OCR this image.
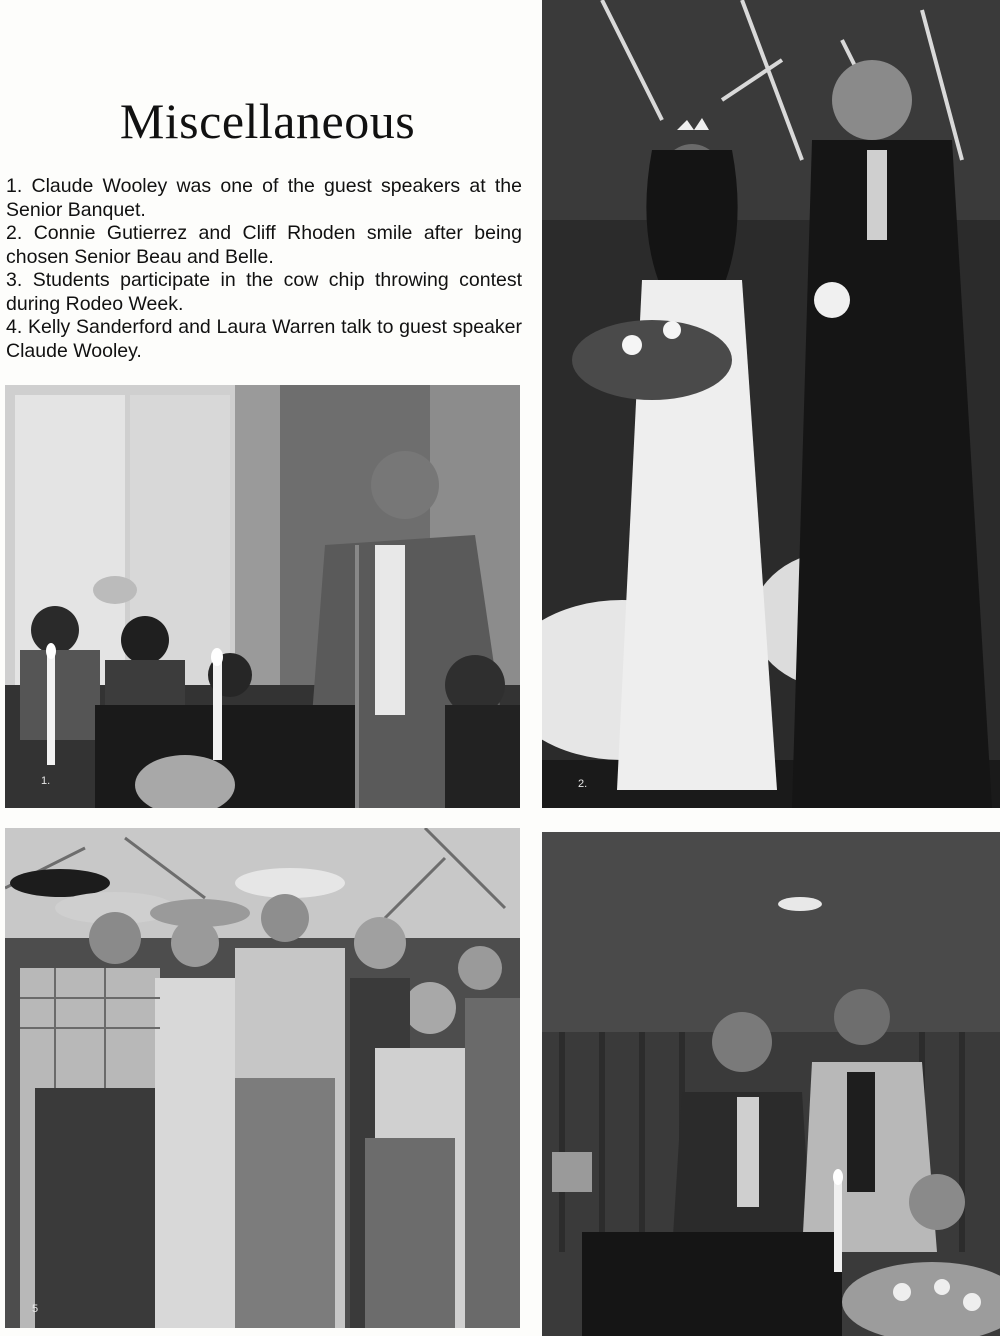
Miscellaneous
1. Claude Wooley was one of the guest speakers at the Senior Banquet.
2. Connie Gutierrez and Cliff Rhoden smile after being chosen Senior Beau and Belle.
3. Students participate in the cow chip throwing contest during Rodeo Week.
4. Kelly Sanderford and Laura Warren talk to guest speaker Claude Wooley.
1.	2.
5
